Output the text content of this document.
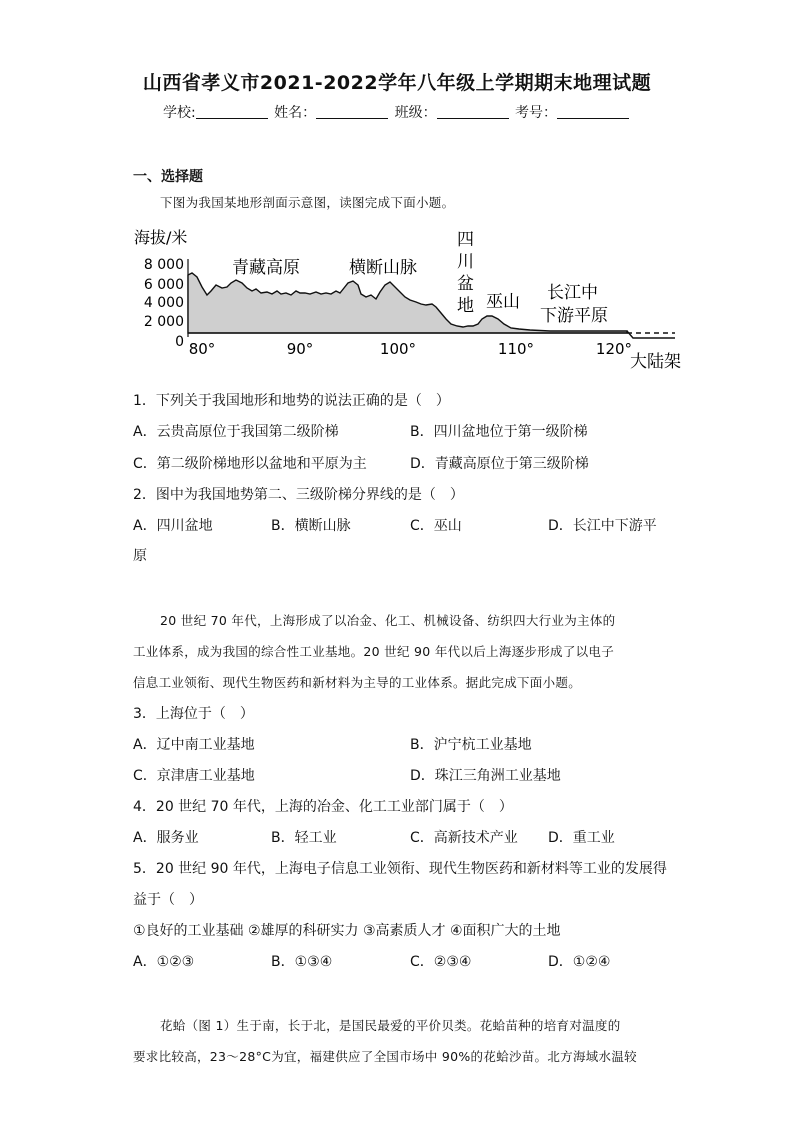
山西省孝义市2021-2022学年八年级上学期期末地理试题
学校:	姓名：	班级：	考号：
一、选择题
下图为我国某地形剖面示意图，读图完成下面小题。
海拔/米
8 000
6 000
4 000
2 000
0 80°	90°	100°	110°	120°
青藏高原	横断山脉
四
川
盆
地 巫山 长江中
下游平原
大陆架
1．下列关于我国地形和地势的说法正确的是（　）
A．云贵高原位于我国第二级阶梯	B．四川盆地位于第一级阶梯
C．第二级阶梯地形以盆地和平原为主	D．青藏高原位于第三级阶梯
2．图中为我国地势第二、三级阶梯分界线的是（　）
A．四川盆地	B．横断山脉	C．巫山	D．长江中下游平
原
20 世纪 70 年代，上海形成了以冶金、化工、机械设备、纺织四大行业为主体的
工业体系，成为我国的综合性工业基地。20 世纪 90 年代以后上海逐步形成了以电子
信息工业领衔、现代生物医药和新材料为主导的工业体系。据此完成下面小题。
3．上海位于（　）
A．辽中南工业基地	B．沪宁杭工业基地
C．京津唐工业基地	D．珠江三角洲工业基地
4．20 世纪 70 年代，上海的冶金、化工工业部门属于（　）
A．服务业	B．轻工业	C．高新技术产业 D．重工业
5．20 世纪 90 年代，上海电子信息工业领衔、现代生物医药和新材料等工业的发展得
益于（　）
①良好的工业基础 ②雄厚的科研实力 ③高素质人才 ④面积广大的土地
A．①②③	B．①③④	C．②③④	D．①②④
花蛤（图 1）生于南，长于北，是国民最爱的平价贝类。花蛤苗种的培育对温度的
要求比较高，23～28°C为宜，福建供应了全国市场中 90%的花蛤沙苗。北方海域水温较
